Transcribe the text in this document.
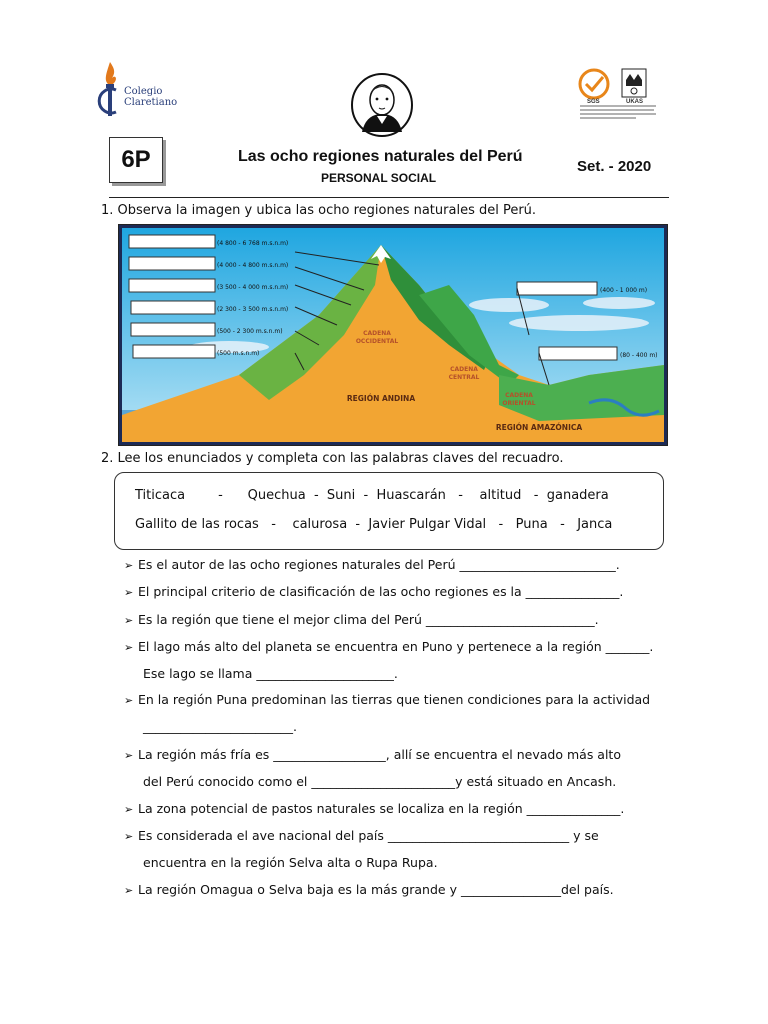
Colegio
Claretiano	SGS	UKAS
6P	Las ocho regiones naturales del Perú
PERSONAL SOCIAL
Set. - 2020
1. Observa la imagen y ubica las ocho regiones naturales del Perú.
(4 800 - 6 768 m.s.n.m)
(4 000 - 4 800 m.s.n.m)
(3 500 - 4 000 m.s.n.m)
(2 300 - 3 500 m.s.n.m)
(500 - 2 300 m.s.n.m)
(500 m.s.n.m)
(400 - 1 000 m)
(80 - 400 m)
CADENA
OCCIDENTAL
CADENA
CENTRAL
CADENA
ORIENTAL
REGIÓN ANDINA
REGIÓN AMAZÓNICA
2. Lee los enunciados y completa con las palabras claves del recuadro.
Titicaca        -      Quechua  -  Suni  -  Huascarán   -    altitud   -  ganadera
Gallito de las rocas   -    calurosa  -  Javier Pulgar Vidal   -   Puna   -   Janca
➢ Es el autor de las ocho regiones naturales del Perú _________________________.
➢ El principal criterio de clasificación de las ocho regiones es la _______________.
➢ Es la región que tiene el mejor clima del Perú ___________________________.
➢ El lago más alto del planeta se encuentra en Puno y pertenece a la región _______.
Ese lago se llama ______________________.
➢ En la región Puna predominan las tierras que tienen condiciones para la actividad
________________________.
➢ La región más fría es __________________, allí se encuentra el nevado más alto
del Perú conocido como el _______________________y está situado en Ancash.
➢ La zona potencial de pastos naturales se localiza en la región _______________.
➢ Es considerada el ave nacional del país _____________________________ y se
encuentra en la región Selva alta o Rupa Rupa.
➢ La región Omagua o Selva baja es la más grande y ________________del país.
